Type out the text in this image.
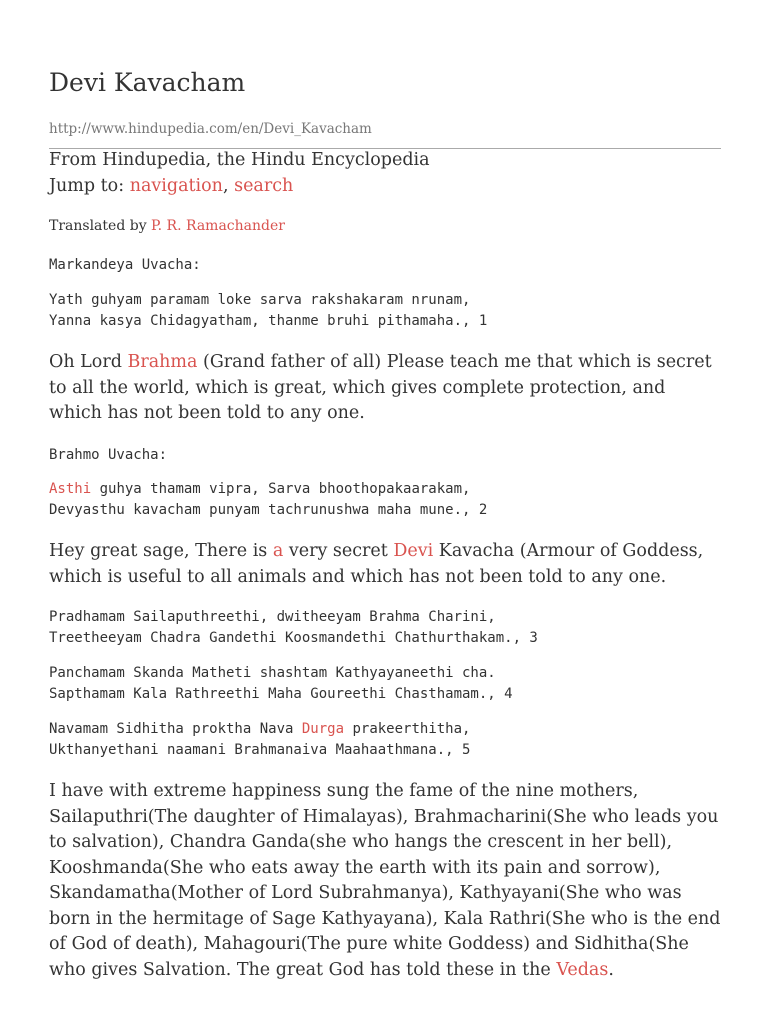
Devi Kavacham
http://www.hindupedia.com/en/Devi_Kavacham
From Hindupedia, the Hindu Encyclopedia
Jump to: navigation, search
Translated by P. R. Ramachander
Markandeya Uvacha:
Yath guhyam paramam loke sarva rakshakaram nrunam,
Yanna kasya Chidagyatham, thanme bruhi pithamaha., 1
Oh Lord Brahma (Grand father of all) Please teach me that which is secret to all the world, which is great, which gives complete protection, and which has not been told to any one.
Brahmo Uvacha:
Asthi guhya thamam vipra, Sarva bhoothopakaarakam,
Devyasthu kavacham punyam tachrunushwa maha mune., 2
Hey great sage, There is a very secret Devi Kavacha (Armour of Goddess, which is useful to all animals and which has not been told to any one.
Pradhamam Sailaputhreethi, dwitheeyam Brahma Charini,
Treetheeyam Chadra Gandethi Koosmandethi Chathurthakam., 3
Panchamam Skanda Matheti shashtam Kathyayaneethi cha.
Sapthamam Kala Rathreethi Maha Goureethi Chasthamam., 4
Navamam Sidhitha proktha Nava Durga prakeerthitha,
Ukthanyethani naamani Brahmanaiva Maahaathmana., 5
I have with extreme happiness sung the fame of the nine mothers, Sailaputhri(The daughter of Himalayas), Brahmacharini(She who leads you to salvation), Chandra Ganda(she who hangs the crescent in her bell), Kooshmanda(She who eats away the earth with its pain and sorrow), Skandamatha(Mother of Lord Subrahmanya), Kathyayani(She who was born in the hermitage of Sage Kathyayana), Kala Rathri(She who is the end of God of death), Mahagouri(The pure white Goddess) and Sidhitha(She who gives Salvation. The great God has told these in the Vedas.
